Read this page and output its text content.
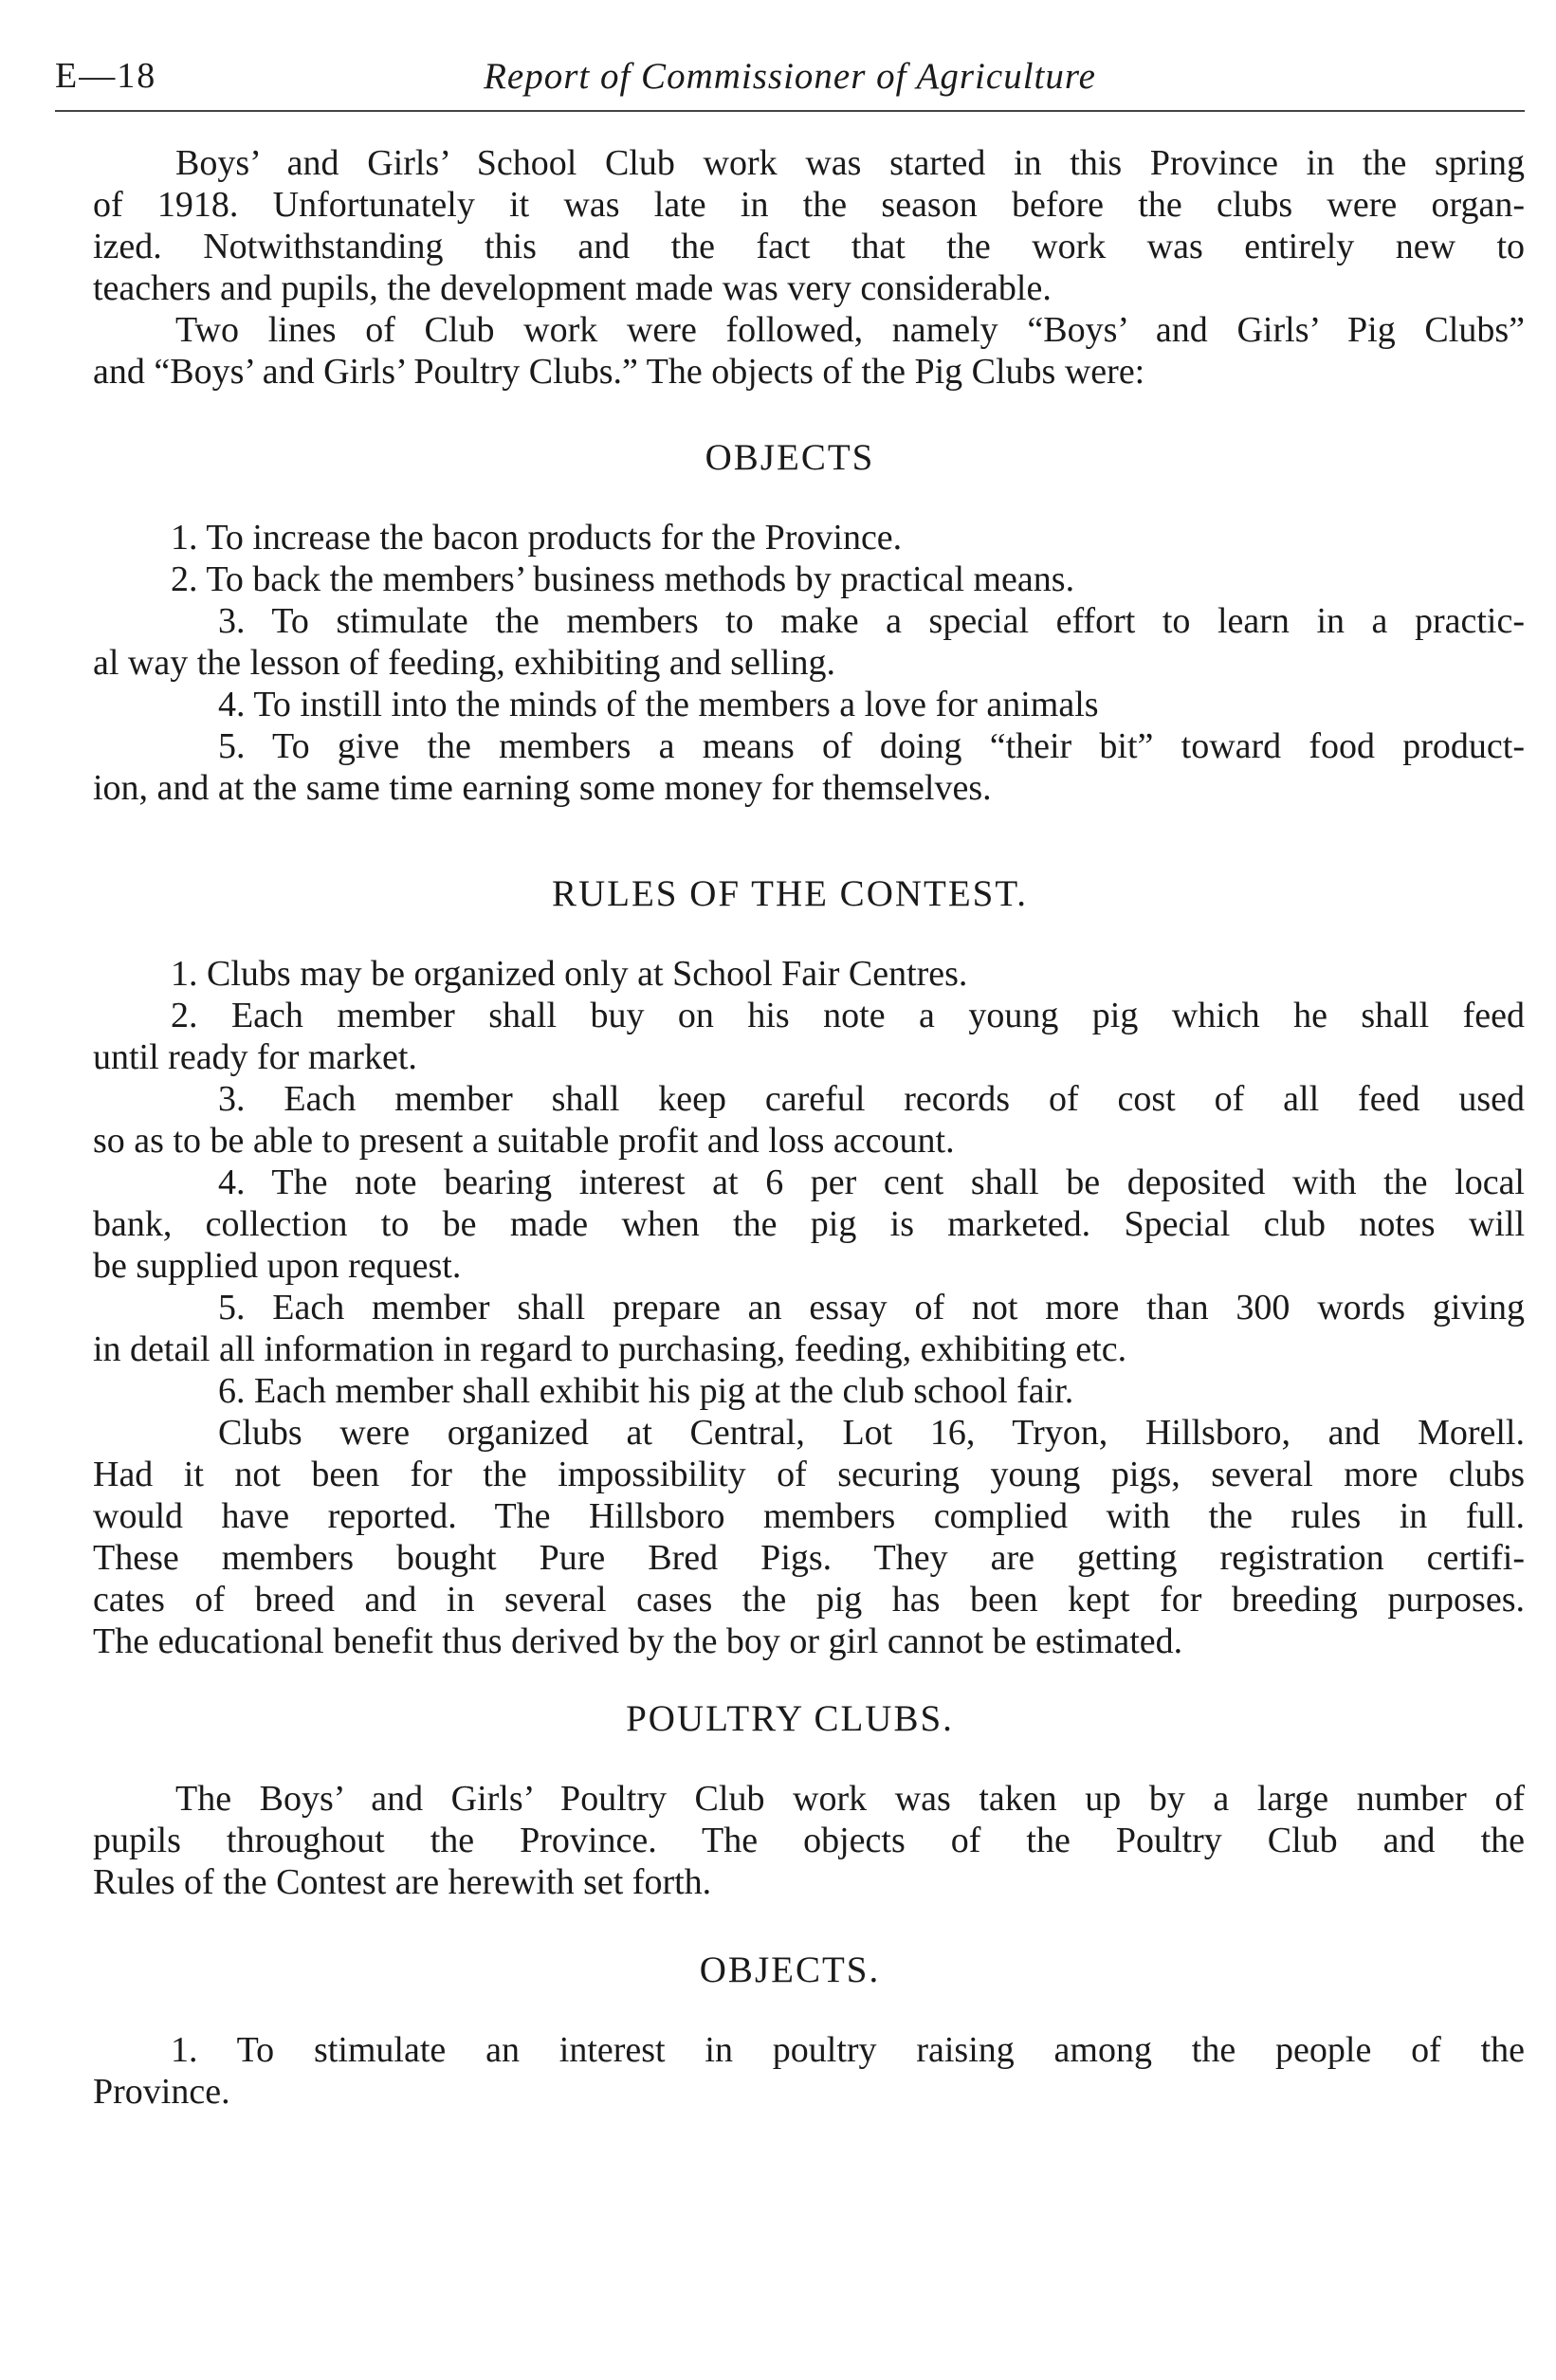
E—18	Report of Commissioner of Agriculture
Boys’ and Girls’ School Club work was started in this Province in the spring
of 1918. Unfortunately it was late in the season before the clubs were organ-
ized. Notwithstanding this and the fact that the work was entirely new to
teachers and pupils, the development made was very considerable.
Two lines of Club work were followed, namely “Boys’ and Girls’ Pig Clubs”
and “Boys’ and Girls’ Poultry Clubs.” The objects of the Pig Clubs were:
OBJECTS
1. To increase the bacon products for the Province.
2. To back the members’ business methods by practical means.
3. To stimulate the members to make a special effort to learn in a practic-
al way the lesson of feeding, exhibiting and selling.
4. To instill into the minds of the members a love for animals
5. To give the members a means of doing “their bit” toward food product-
ion, and at the same time earning some money for themselves.
RULES OF THE CONTEST.
1. Clubs may be organized only at School Fair Centres.
2. Each member shall buy on his note a young pig which he shall feed
until ready for market.
3. Each member shall keep careful records of cost of all feed used
so as to be able to present a suitable profit and loss account.
4. The note bearing interest at 6 per cent shall be deposited with the local
bank, collection to be made when the pig is marketed. Special club notes will
be supplied upon request.
5. Each member shall prepare an essay of not more than 300 words giving
in detail all information in regard to purchasing, feeding, exhibiting etc.
6. Each member shall exhibit his pig at the club school fair.
Clubs were organized at Central, Lot 16, Tryon, Hillsboro, and Morell.
Had it not been for the impossibility of securing young pigs, several more clubs
would have reported. The Hillsboro members complied with the rules in full.
These members bought Pure Bred Pigs. They are getting registration certifi-
cates of breed and in several cases the pig has been kept for breeding purposes.
The educational benefit thus derived by the boy or girl cannot be estimated.
POULTRY CLUBS.
The Boys’ and Girls’ Poultry Club work was taken up by a large number of
pupils throughout the Province. The objects of the Poultry Club and the
Rules of the Contest are herewith set forth.
OBJECTS.
1. To stimulate an interest in poultry raising among the people of the
Province.
